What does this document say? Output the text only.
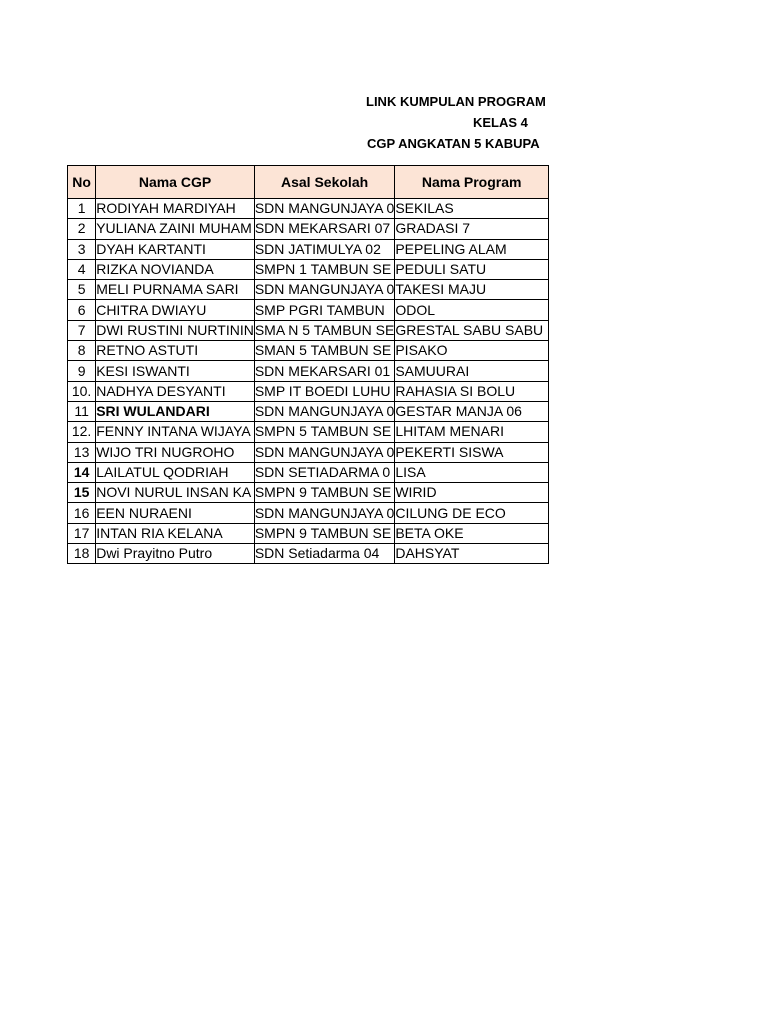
LINK KUMPULAN PROGRAM
KELAS 4
CGP ANGKATAN 5 KABUPA
No	Nama CGP	Asal Sekolah	Nama Program
1	RODIYAH MARDIYAH	SDN MANGUNJAYA 0	SEKILAS
2	YULIANA ZAINI MUHAM	SDN MEKARSARI 07	GRADASI 7
3	DYAH KARTANTI	SDN JATIMULYA 02	PEPELING ALAM
4	RIZKA NOVIANDA	SMPN 1 TAMBUN SE	PEDULI SATU
5	MELI PURNAMA SARI	SDN MANGUNJAYA 0	TAKESI MAJU
6	CHITRA DWIAYU	SMP PGRI TAMBUN	ODOL
7	DWI RUSTINI NURTININ	SMA N 5 TAMBUN SE	GRESTAL SABU SABU
8	RETNO ASTUTI	SMAN 5 TAMBUN SE	PISAKO
9	KESI ISWANTI	SDN MEKARSARI 01	SAMUURAI
10.	NADHYA DESYANTI	SMP IT BOEDI LUHU	RAHASIA SI BOLU
11	SRI WULANDARI	SDN MANGUNJAYA 0	GESTAR MANJA 06
12.	FENNY INTANA WIJAYA	SMPN 5 TAMBUN SE	LHITAM MENARI
13	WIJO TRI NUGROHO	SDN MANGUNJAYA 0	PEKERTI SISWA
14	LAILATUL QODRIAH	SDN SETIADARMA 0	LISA
15	NOVI NURUL INSAN KA	SMPN 9 TAMBUN SE	WIRID
16	EEN NURAENI	SDN MANGUNJAYA 0	CILUNG DE ECO
17	INTAN RIA KELANA	SMPN 9 TAMBUN SE	BETA OKE
18	Dwi Prayitno Putro	SDN Setiadarma 04	DAHSYAT
